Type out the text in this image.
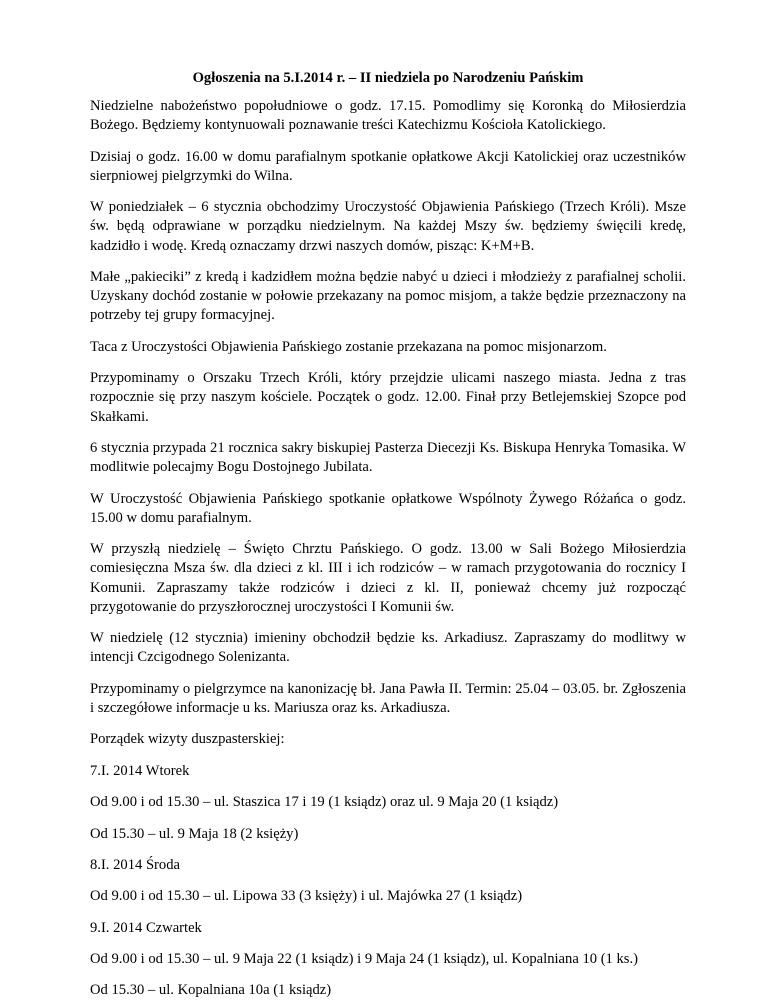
Ogłoszenia na 5.I.2014 r. – II niedziela po Narodzeniu Pańskim

Niedzielne nabożeństwo popołudniowe o godz. 17.15. Pomodlimy się Koronką do Miłosierdzia Bożego. Będziemy kontynuowali poznawanie treści Katechizmu Kościoła Katolickiego.

Dzisiaj o godz. 16.00 w domu parafialnym spotkanie opłatkowe Akcji Katolickiej oraz uczestników sierpniowej pielgrzymki do Wilna.

W poniedziałek – 6 stycznia obchodzimy Uroczystość Objawienia Pańskiego (Trzech Króli). Msze św. będą odprawiane w porządku niedzielnym. Na każdej Mszy św. będziemy święcili kredę, kadzidło i wodę. Kredą oznaczamy drzwi naszych domów, pisząc: K+M+B.

Małe „pakieciki” z kredą i kadzidłem można będzie nabyć u dzieci i młodzieży z parafialnej scholii. Uzyskany dochód zostanie w połowie przekazany na pomoc misjom, a także będzie przeznaczony na potrzeby tej grupy formacyjnej.

Taca z Uroczystości Objawienia Pańskiego zostanie przekazana na pomoc misjonarzom.

Przypominamy o Orszaku Trzech Króli, który przejdzie ulicami naszego miasta. Jedna z tras rozpocznie się przy naszym kościele. Początek o godz. 12.00. Finał przy Betlejemskiej Szopce pod Skałkami.

6 stycznia przypada 21 rocznica sakry biskupiej Pasterza Diecezji Ks. Biskupa Henryka Tomasika. W modlitwie polecajmy Bogu Dostojnego Jubilata.

W Uroczystość Objawienia Pańskiego spotkanie opłatkowe Wspólnoty Żywego Różańca o godz. 15.00 w domu parafialnym.

W przyszłą niedzielę – Święto Chrztu Pańskiego. O godz. 13.00 w Sali Bożego Miłosierdzia comiesięczna Msza św. dla dzieci z kl. III i ich rodziców – w ramach przygotowania do rocznicy I Komunii. Zapraszamy także rodziców i dzieci z kl. II, ponieważ chcemy już rozpocząć przygotowanie do przyszłorocznej uroczystości I Komunii św.

W niedzielę (12 stycznia) imieniny obchodził będzie ks. Arkadiusz. Zapraszamy do modlitwy w intencji Czcigodnego Solenizanta.

Przypominamy o pielgrzymce na kanonizację bł. Jana Pawła II. Termin: 25.04 – 03.05. br. Zgłoszenia i szczegółowe informacje u ks. Mariusza oraz ks. Arkadiusza.

Porządek wizyty duszpasterskiej:

7.I. 2014 Wtorek

Od 9.00 i od 15.30 – ul. Staszica 17 i 19 (1 ksiądz) oraz ul. 9 Maja 20 (1 ksiądz)

Od 15.30 – ul. 9 Maja 18 (2 księży)

8.I. 2014 Środa

Od 9.00 i od 15.30 – ul. Lipowa 33 (3 księży) i ul. Majówka 27 (1 ksiądz)

9.I. 2014 Czwartek

Od 9.00 i od 15.30 – ul. 9 Maja 22 (1 ksiądz) i 9 Maja 24 (1 ksiądz), ul. Kopalniana 10 (1 ks.)

Od 15.30 – ul. Kopalniana 10a (1 ksiądz)
